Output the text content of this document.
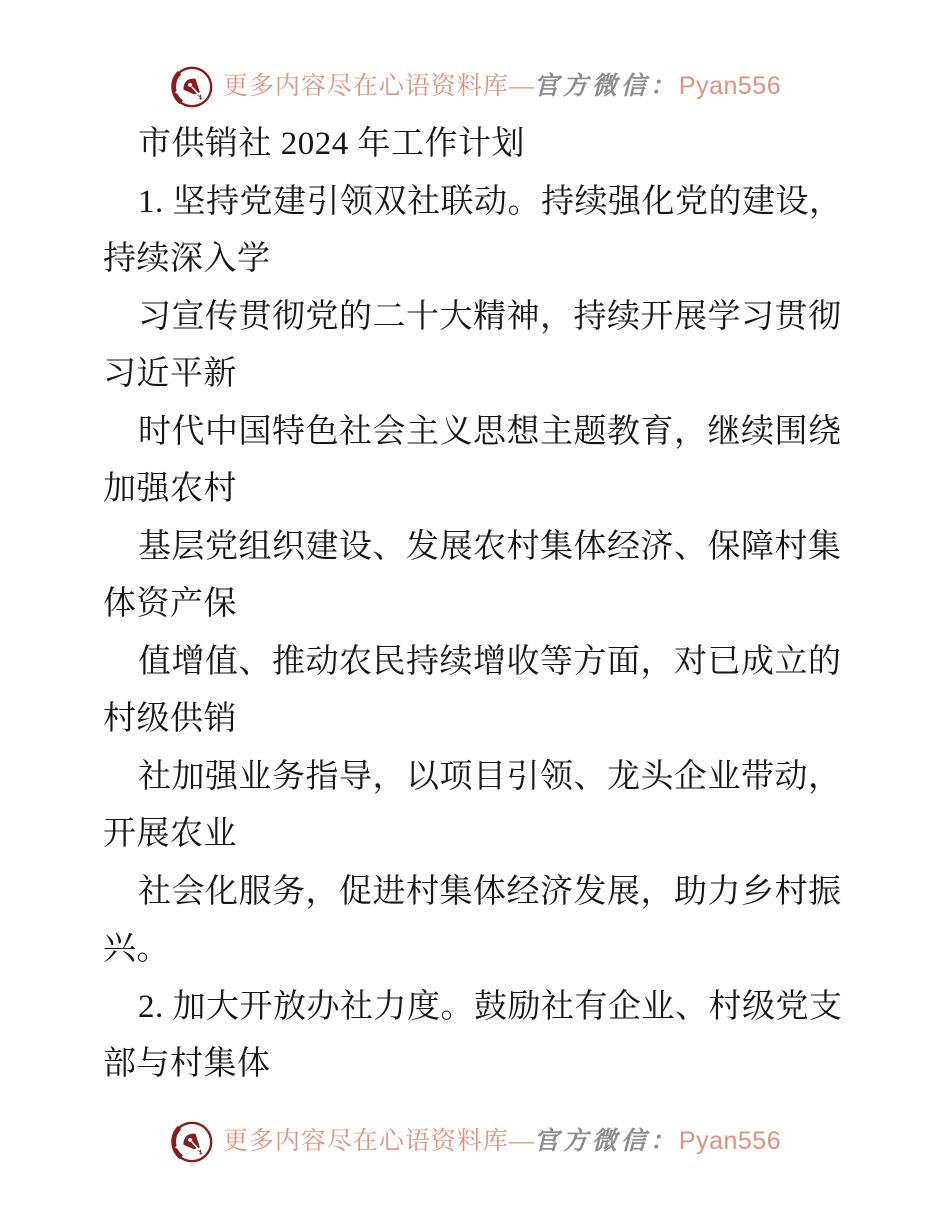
更多内容尽在心语资料库—官方微信：Pyan556
市供销社 2024 年工作计划
1. 坚持党建引领双社联动。持续强化党的建设，
持续深入学
习宣传贯彻党的二十大精神，持续开展学习贯彻
习近平新
时代中国特色社会主义思想主题教育，继续围绕
加强农村
基层党组织建设、发展农村集体经济、保障村集
体资产保
值增值、推动农民持续增收等方面，对已成立的
村级供销
社加强业务指导，以项目引领、龙头企业带动，
开展农业
社会化服务，促进村集体经济发展，助力乡村振
兴。
2. 加大开放办社力度。鼓励社有企业、村级党支
部与村集体
更多内容尽在心语资料库—官方微信：Pyan556
